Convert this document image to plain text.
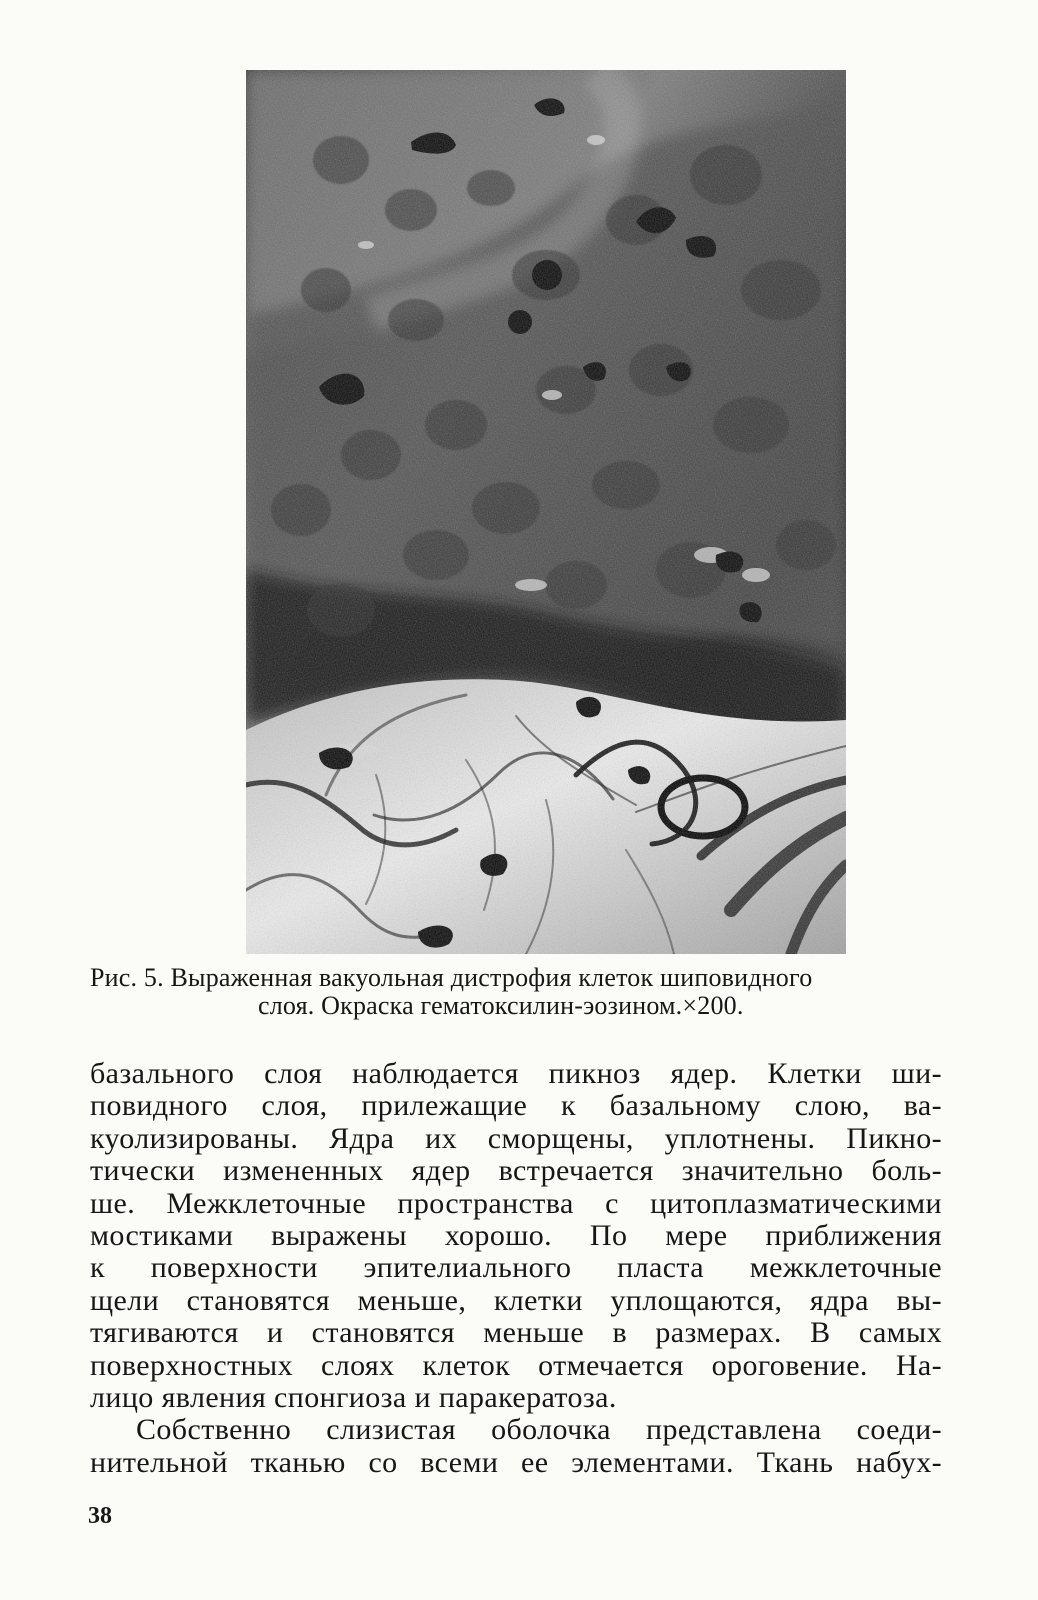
Рис. 5. Выраженная вакуольная дистрофия клеток шиповидного
слоя. Окраска гематоксилин-эозином.×200.

базального слоя наблюдается пикноз ядер. Клетки ши-
повидного слоя, прилежащие к базальному слою, ва-
куолизированы. Ядра их сморщены, уплотнены. Пикно-
тически измененных ядер встречается значительно боль-
ше. Межклеточные пространства с цитоплазматическими
мостиками выражены хорошо. По мере приближения
к поверхности эпителиального пласта межклеточные
щели становятся меньше, клетки уплощаются, ядра вы-
тягиваются и становятся меньше в размерах. В самых
поверхностных слоях клеток отмечается ороговение. На-
лицо явления спонгиоза и паракератоза.
Собственно слизистая оболочка представлена соеди-
нительной тканью со всеми ее элементами. Ткань набух-

38
